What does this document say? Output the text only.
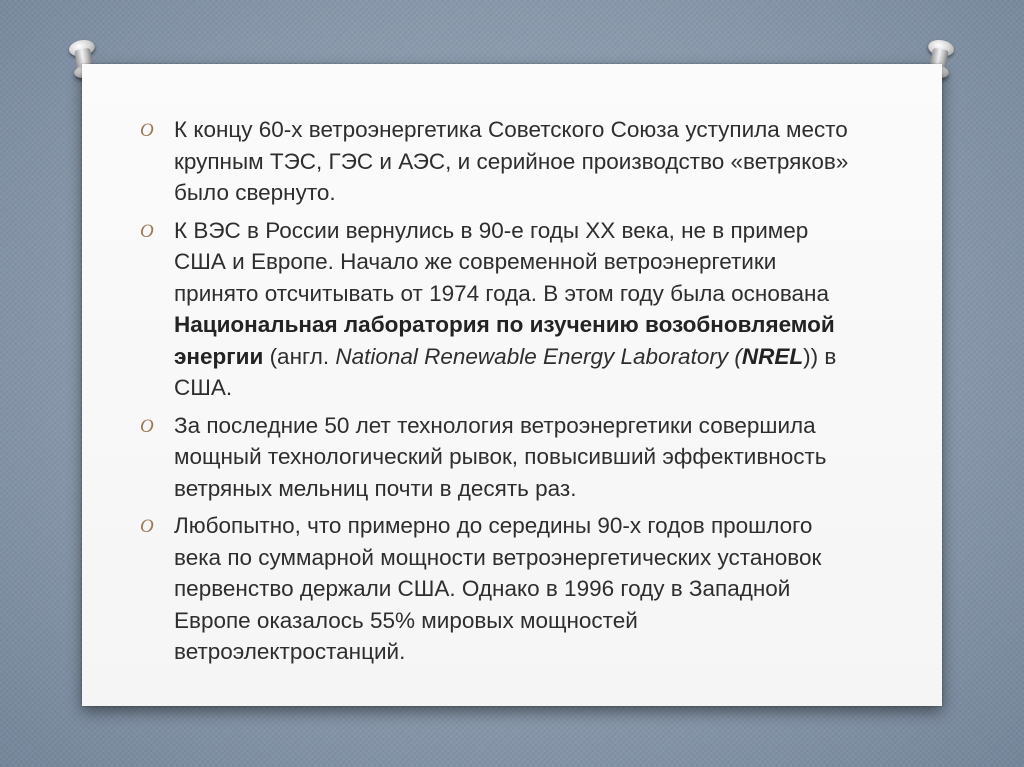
O К концу 60-х ветроэнергетика Советского Союза уступила место крупным ТЭС, ГЭС и АЭС, и серийное производство «ветряков» было свернуто.
O К ВЭС в России вернулись в 90-е годы XX века, не в пример США и Европе. Начало же современной ветроэнергетики принято отсчитывать от 1974 года. В этом году была основана Национальная лаборатория по изучению возобновляемой энергии (англ. National Renewable Energy Laboratory (NREL)) в США.
O За последние 50 лет технология ветроэнергетики совершила мощный технологический рывок, повысивший эффективность ветряных мельниц почти в десять раз.
O Любопытно, что примерно до середины 90-х годов прошлого века по суммарной мощности ветроэнергетических установок первенство держали США. Однако в 1996 году в Западной Европе оказалось 55% мировых мощностей ветроэлектростанций.
